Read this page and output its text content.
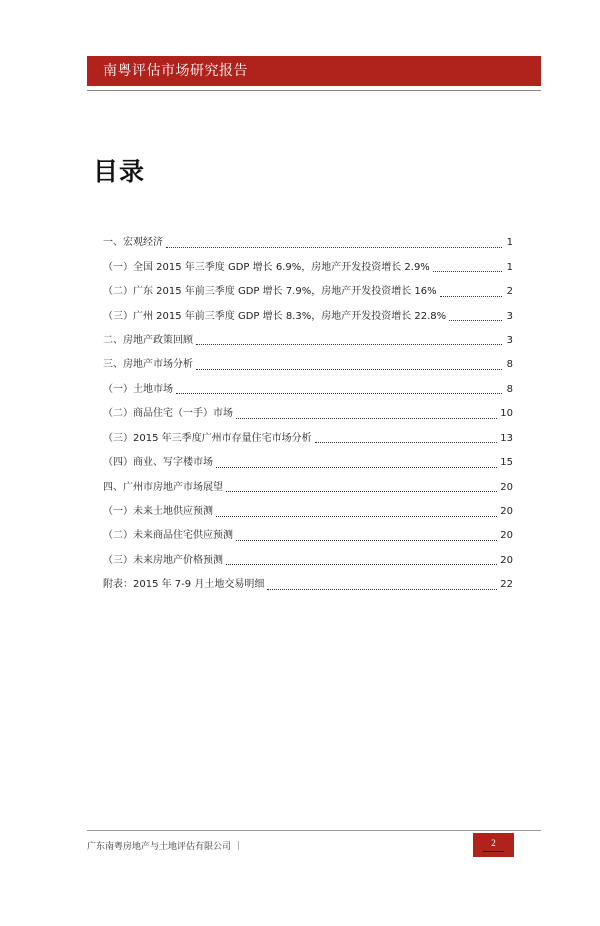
南粤评估市场研究报告
目录
一、宏观经济	1
（一）全国 2015 年三季度 GDP 增长 6.9%，房地产开发投资增长 2.9%	1
（二）广东 2015 年前三季度 GDP 增长 7.9%，房地产开发投资增长 16%	2
（三）广州 2015 年前三季度 GDP 增长 8.3%，房地产开发投资增长 22.8%	3
二、房地产政策回顾	3
三、房地产市场分析	8
（一）土地市场	8
（二）商品住宅（一手）市场	10
（三）2015 年三季度广州市存量住宅市场分析	13
（四）商业、写字楼市场	15
四、广州市房地产市场展望	20
（一）未来土地供应预测	20
（二）未来商品住宅供应预测	20
（三）未来房地产价格预测	20
附表：2015 年 7-9 月土地交易明细	22
广东南粤房地产与土地评估有限公司 ｜	2
